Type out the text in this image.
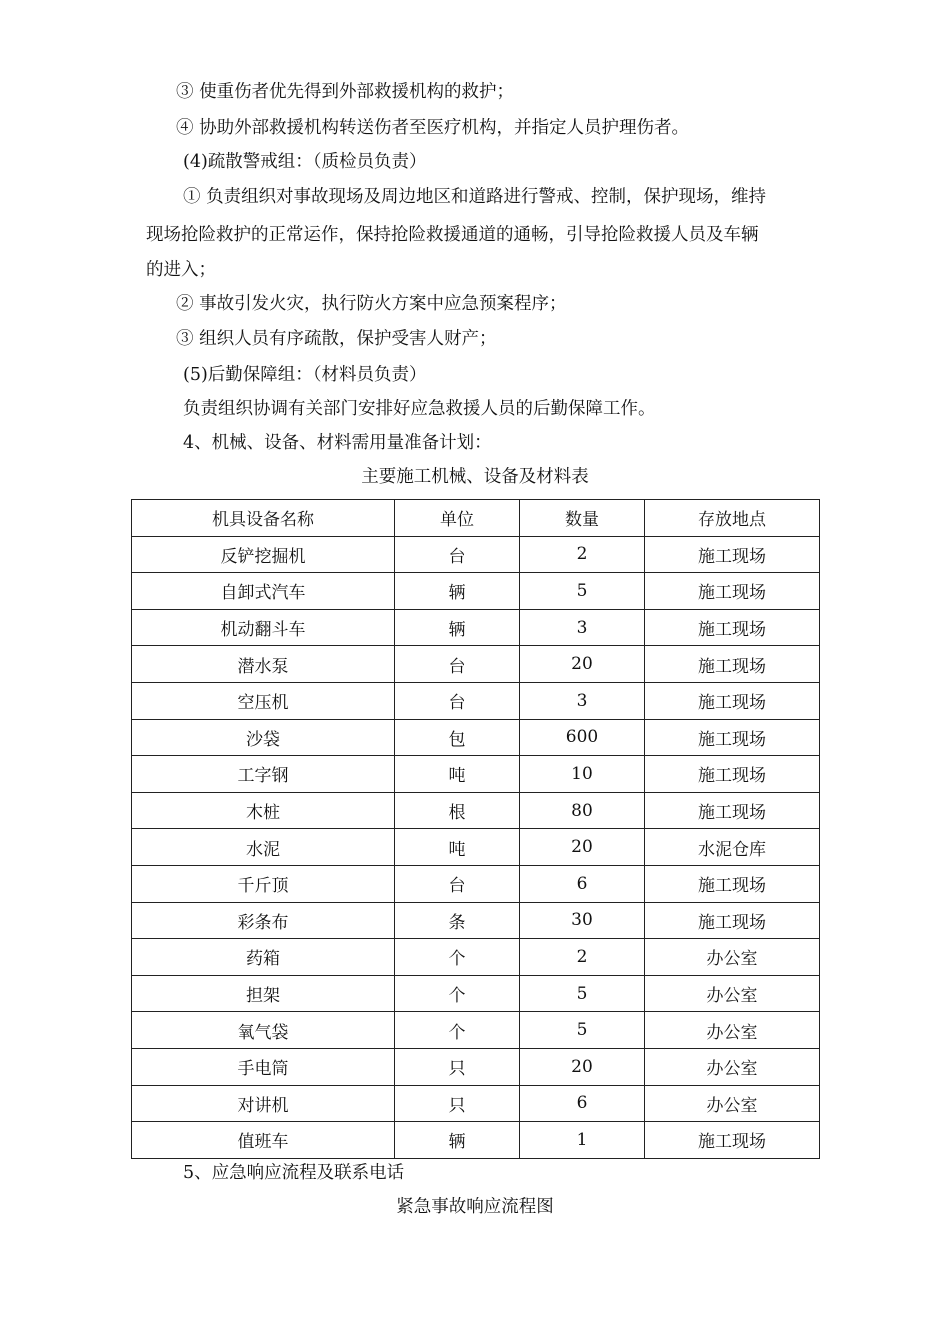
③ 使重伤者优先得到外部救援机构的救护；
④ 协助外部救援机构转送伤者至医疗机构，并指定人员护理伤者。
(4)疏散警戒组：（质检员负责）
① 负责组织对事故现场及周边地区和道路进行警戒、控制，保护现场，维持
现场抢险救护的正常运作，保持抢险救援通道的通畅，引导抢险救援人员及车辆
的进入；
② 事故引发火灾，执行防火方案中应急预案程序；
③ 组织人员有序疏散，保护受害人财产；
(5)后勤保障组：（材料员负责）
负责组织协调有关部门安排好应急救援人员的后勤保障工作。
4、机械、设备、材料需用量准备计划：
主要施工机械、设备及材料表
机具设备名称	单位	数量	存放地点
反铲挖掘机	台	2	施工现场
自卸式汽车	辆	5	施工现场
机动翻斗车	辆	3	施工现场
潜水泵	台	20	施工现场
空压机	台	3	施工现场
沙袋	包	600	施工现场
工字钢	吨	10	施工现场
木桩	根	80	施工现场
水泥	吨	20	水泥仓库
千斤顶	台	6	施工现场
彩条布	条	30	施工现场
药箱	个	2	办公室
担架	个	5	办公室
氧气袋	个	5	办公室
手电筒	只	20	办公室
对讲机	只	6	办公室
值班车	辆	1	施工现场
5、应急响应流程及联系电话
紧急事故响应流程图
